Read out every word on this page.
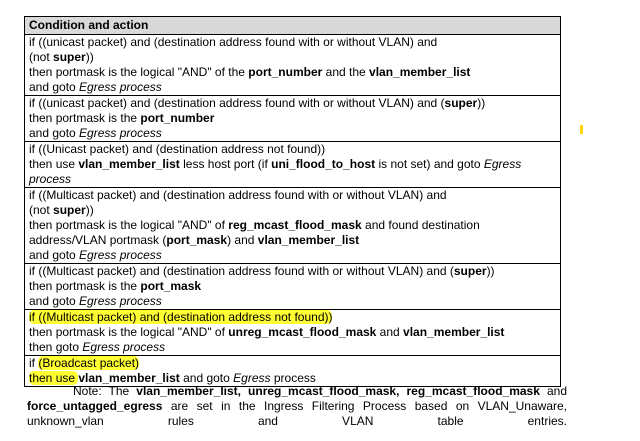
Condition and action

if ((unicast packet) and (destination address found with or without VLAN) and
(not super))
then portmask is the logical "AND" of the port_number and the vlan_member_list
and goto Egress process

if ((unicast packet) and (destination address found with or without VLAN) and (super))
then portmask is the port_number
and goto Egress process

if ((Unicast packet) and (destination address not found))
then use vlan_member_list less host port (if uni_flood_to_host is not set) and goto Egress process

if ((Multicast packet) and (destination address found with or without VLAN) and
(not super))
then portmask is the logical "AND" of reg_mcast_flood_mask and found destination address/VLAN portmask (port_mask) and vlan_member_list
and goto Egress process

if ((Multicast packet) and (destination address found with or without VLAN) and (super))
then portmask is the port_mask
and goto Egress process

if ((Multicast packet) and (destination address not found))
then portmask is the logical "AND" of unreg_mcast_flood_mask and vlan_member_list
then goto Egress process

if (Broadcast packet)
then use vlan_member_list and goto Egress process
Note: The vlan_member_list, unreg_mcast_flood_mask, reg_mcast_flood_mask and force_untagged_egress are set in the Ingress Filtering Process based on VLAN_Unaware, unknown_vlan rules and VLAN table entries.
